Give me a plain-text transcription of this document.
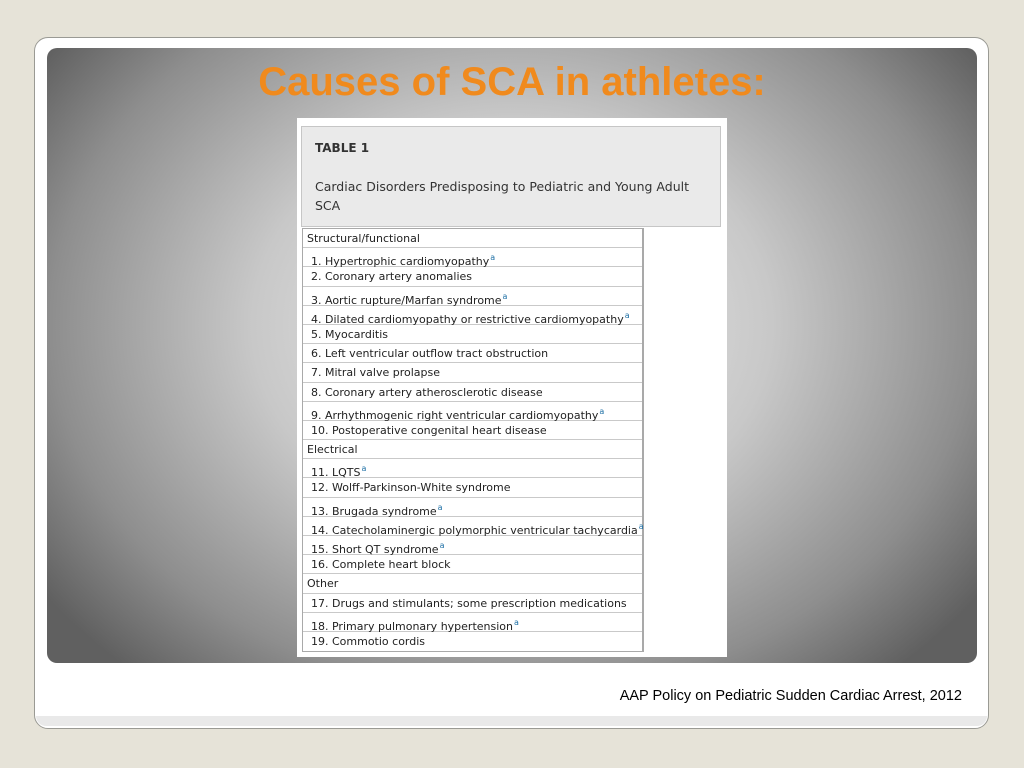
Causes of SCA in athletes:
TABLE 1
Cardiac Disorders Predisposing to Pediatric and Young Adult SCA
Structural/functional
1. Hypertrophic cardiomyopathy$^a$
2. Coronary artery anomalies
3. Aortic rupture/Marfan syndrome$^a$
4. Dilated cardiomyopathy or restrictive cardiomyopathy$^a$
5. Myocarditis
6. Left ventricular outflow tract obstruction
7. Mitral valve prolapse
8. Coronary artery atherosclerotic disease
9. Arrhythmogenic right ventricular cardiomyopathy$^a$
10. Postoperative congenital heart disease
Electrical
11. LQTS$^a$
12. Wolff-Parkinson-White syndrome
13. Brugada syndrome$^a$
14. Catecholaminergic polymorphic ventricular tachycardia$^a$
15. Short QT syndrome$^a$
16. Complete heart block
Other
17. Drugs and stimulants; some prescription medications
18. Primary pulmonary hypertension$^a$
19. Commotio cordis
AAP Policy on Pediatric Sudden Cardiac Arrest, 2012
